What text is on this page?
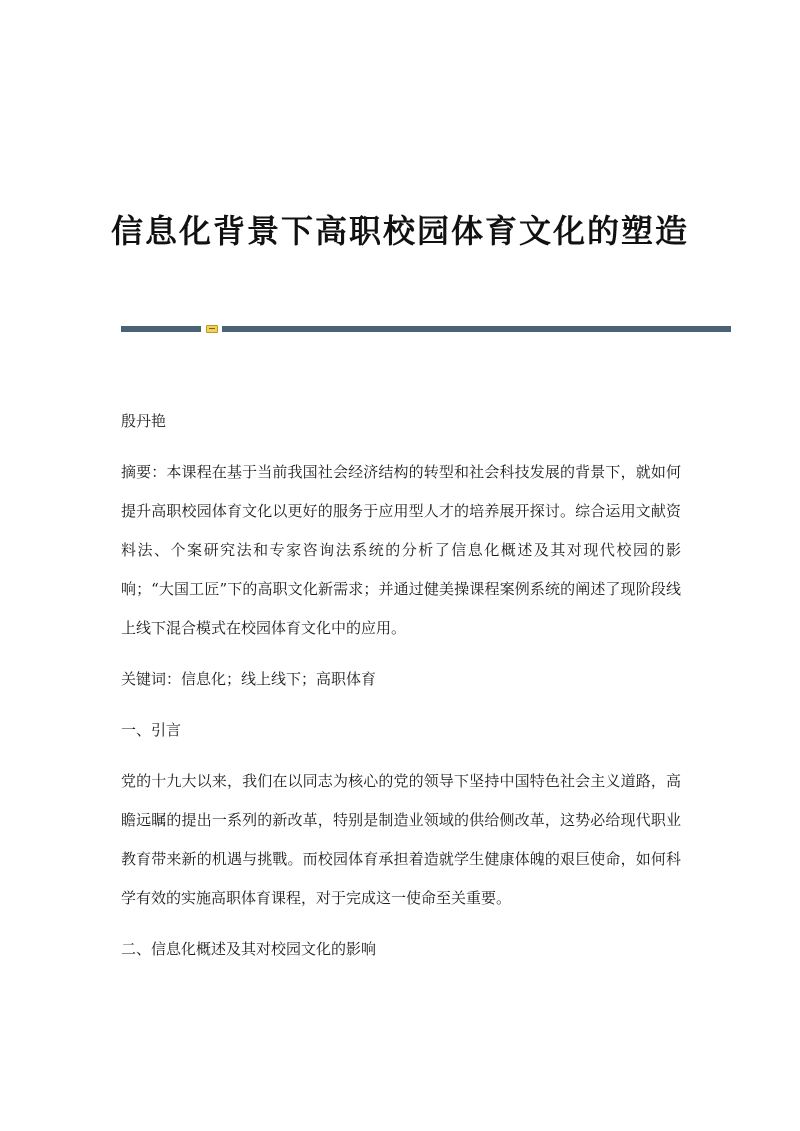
信息化背景下高职校园体育文化的塑造

殷丹艳

摘要：本课程在基于当前我国社会经济结构的转型和社会科技发展的背景下，就如何提升高职校园体育文化以更好的服务于应用型人才的培养展开探讨。综合运用文献资料法、个案研究法和专家咨询法系统的分析了信息化概述及其对现代校园的影响；“大国工匠”下的高职文化新需求；并通过健美操课程案例系统的阐述了现阶段线上线下混合模式在校园体育文化中的应用。

关键词：信息化；线上线下；高职体育

一、引言

党的十九大以来，我们在以同志为核心的党的领导下坚持中国特色社会主义道路，高瞻远瞩的提出一系列的新改革，特别是制造业领域的供给侧改革，这势必给现代职业教育带来新的机遇与挑戰。而校园体育承担着造就学生健康体魄的艰巨使命，如何科学有效的实施高职体育课程，对于完成这一使命至关重要。

二、信息化概述及其对校园文化的影响
